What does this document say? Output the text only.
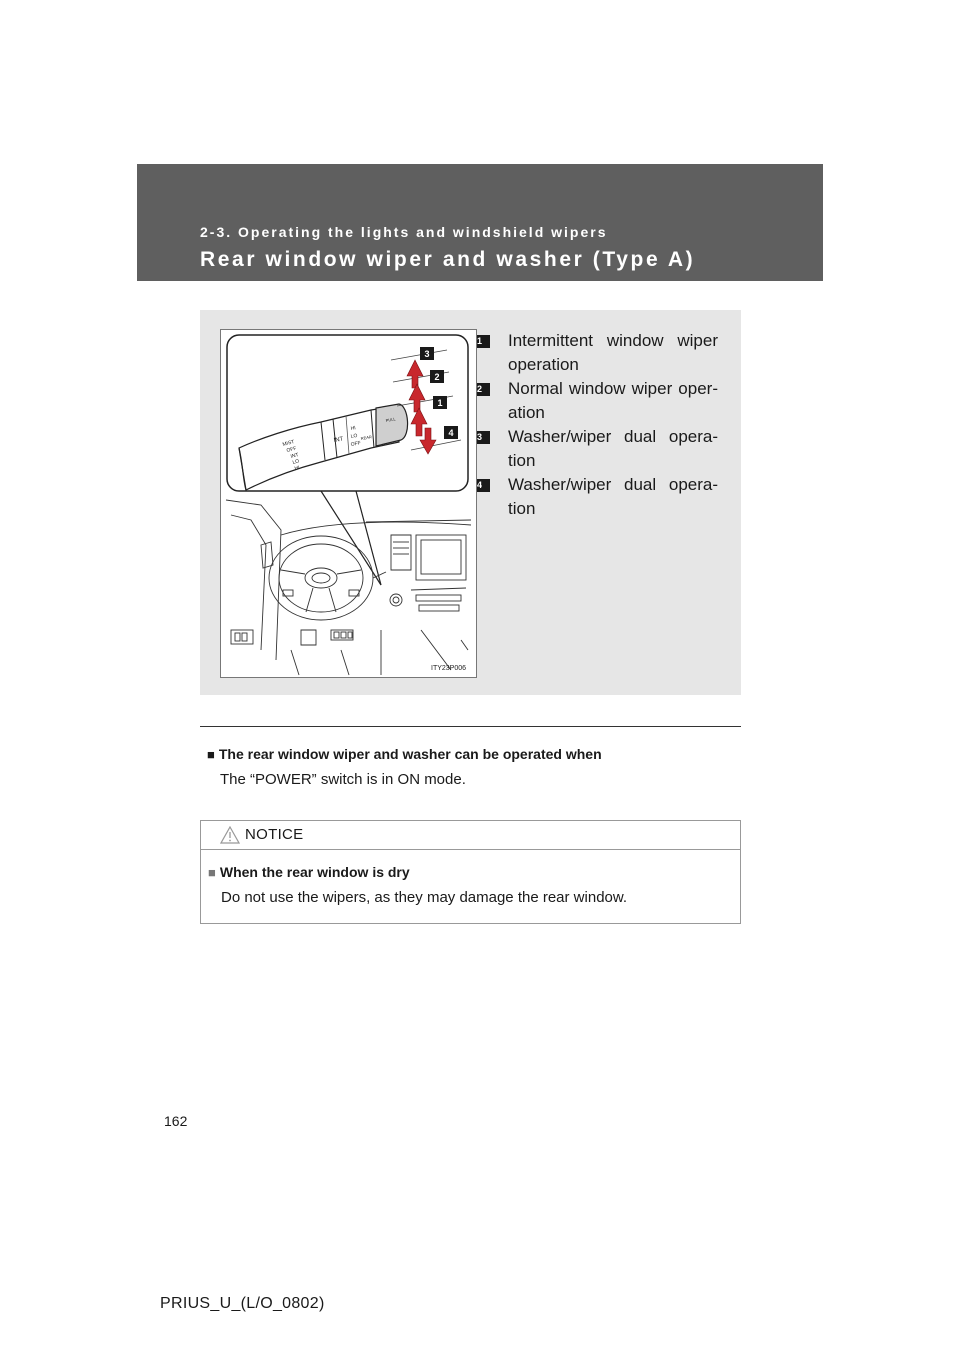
2-3. Operating the lights and windshield wipers
Rear window wiper and washer (Type A)
MIST
OFF
INT
LO
HI
INT
HI
LO
OFF
REAR
PULL
3
2
1
4
ITY23P006
1	Intermittent window wiper operation
2	Normal window wiper oper-ation
3	Washer/wiper dual opera-tion
4	Washer/wiper dual opera-tion
■ The rear window wiper and washer can be operated when
The “POWER” switch is in ON mode.
NOTICE
■ When the rear window is dry
Do not use the wipers, as they may damage the rear window.
162
PRIUS_U_(L/O_0802)
